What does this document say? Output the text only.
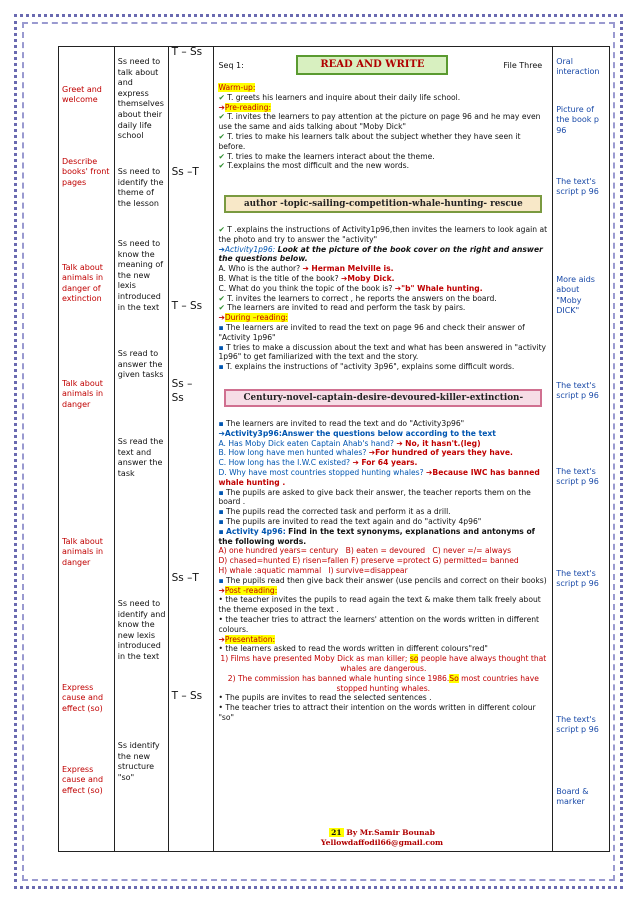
Greet and welcome
Describe books' front pages
Talk about animals in danger of extinction
Talk about animals in danger
Talk about animals in danger
Express cause and effect (so)
Express cause and effect (so)
Ss need to talk about and express themselves about their daily life school
Ss need to identify the theme of the lesson
Ss need to know the meaning of the new lexis introduced in the text
Ss read to answer the given tasks
Ss read the text and answer the task
Ss need to identify and know the new lexis introduced in the text
Ss identify the new structure "so"
T – Ss
Ss –T
T – Ss
Ss – Ss
Ss –T
T – Ss
Seq 1:	READ AND WRITE	File Three

Warm-up:

✔ T. greets his learners and inquire about their daily life school.

➔Pre-reading:

✔ T. invites the learners to pay attention at the picture on page 96 and he may even use the same and aids talking about "Moby Dick"

✔ T. tries to make his learners talk about the subject whether they have seen it before.

✔ T. tries to make the learners interact about the theme.

✔ T.explains the most difficult and the new words.

author -topic-sailing-competition-whale-hunting- rescue

✔ T .explains the instructions of Activity1p96,then invites the learners to look again at the photo and try to answer the "activity"

➔Activity1p96: Look at the picture of the book cover on the right and answer the questions below.

A. Who is the author? ➔ Herman Melville is.

B. What is the title of the book? ➔Moby Dick.

C. What do you think the topic of the book is? ➔"b" Whale hunting.

✔ T. invites the learners to correct , he reports the answers on the board.

✔ The learners are invited to read and perform the task by pairs.

➔During –reading:

▪ The learners are invited to read the text on page 96 and check their answer of "Activity 1p96"

▪ T tries to make a discussion about the text and what has been answered in "activity 1p96" to get familiarized with the text and the story.

▪ T. explains the instructions of "activity 3p96", explains some difficult words.

Century-novel-captain-desire-devoured-killer-extinction-

▪ The learners are invited to read the text and do "Activity3p96"

➔Activity3p96:Answer the questions below according to the text

A. Has Moby Dick eaten Captain Ahab's hand? ➔ No, it hasn't.(leg)

B. How long have men hunted whales? ➔For hundred of years they have.

C. How long has the I.W.C existed? ➔ For 64 years.

D. Why have most countries stopped hunting whales? ➔Because IWC has banned whale hunting .

▪ The pupils are asked to give back their answer, the teacher reports them on the board .

▪ The pupils read the corrected task and perform it as a drill.

▪ The pupils are invited to read the text again and do "activity 4p96"

▪ Activity 4p96: Find in the text synonyms, explanations and antonyms of the following words.

A) one hundred years= century B) eaten = devoured C) never =/= always

D) chased=hunted E) risen=fallen F) preserve =protect G) permitted= banned

H) whale :aquatic mammal I) survive=disappear

▪ The pupils read then give back their answer (use pencils and correct on their books)

➔Post -reading:

• the teacher invites the pupils to read again the text & make them talk freely about the theme exposed in the text .

• the teacher tries to attract the learners' attention on the words written in different colours.

➔Presentation:

• the learners asked to read the words written in different colours"red"

1) Films have presented Moby Dick as man killer; so people have always thought that whales are dangerous.

2) The commission has banned whale hunting since 1986.So most countries have stopped hunting whales.

• The pupils are invites to read the selected sentences .

• The teacher tries to attract their intention on the words written in different colour "so"

Oral interaction
Picture of the book p 96
The text's script p 96
More aids about "Moby DICK"
The text's script p 96
The text's script p 96
The text's script p 96
The text's script p 96
Board & marker
21 By Mr.Samir Bounab
Yellowdaffodil66@gmail.com
